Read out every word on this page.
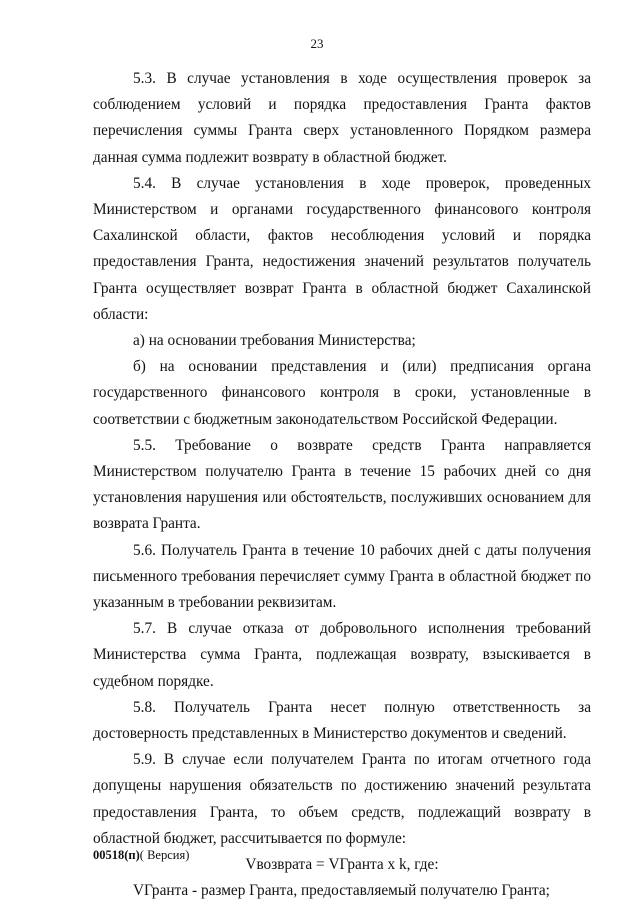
23

5.3. В случае установления в ходе осуществления проверок за соблюдением условий и порядка предоставления Гранта фактов перечисления суммы Гранта сверх установленного Порядком размера данная сумма подлежит возврату в областной бюджет.

5.4. В случае установления в ходе проверок, проведенных Министерством и органами государственного финансового контроля Сахалинской области, фактов несоблюдения условий и порядка предоставления Гранта, недостижения значений результатов получатель Гранта осуществляет возврат Гранта в областной бюджет Сахалинской области:

а) на основании требования Министерства;

б) на основании представления и (или) предписания органа государственного финансового контроля в сроки, установленные в соответствии с бюджетным законодательством Российской Федерации.

5.5. Требование о возврате средств Гранта направляется Министерством получателю Гранта в течение 15 рабочих дней со дня установления нарушения или обстоятельств, послуживших основанием для возврата Гранта.

5.6. Получатель Гранта в течение 10 рабочих дней с даты получения письменного требования перечисляет сумму Гранта в областной бюджет по указанным в требовании реквизитам.

5.7. В случае отказа от добровольного исполнения требований Министерства сумма Гранта, подлежащая возврату, взыскивается в судебном порядке.

5.8. Получатель Гранта несет полную ответственность за достоверность представленных в Министерство документов и сведений.

5.9. В случае если получателем Гранта по итогам отчетного года допущены нарушения обязательств по достижению значений результата предоставления Гранта, то объем средств, подлежащий возврату в областной бюджет, рассчитывается по формуле:

Vвозврата = VГранта x k, где:

VГранта - размер Гранта, предоставляемый получателю Гранта;

00518(п)( Версия)
